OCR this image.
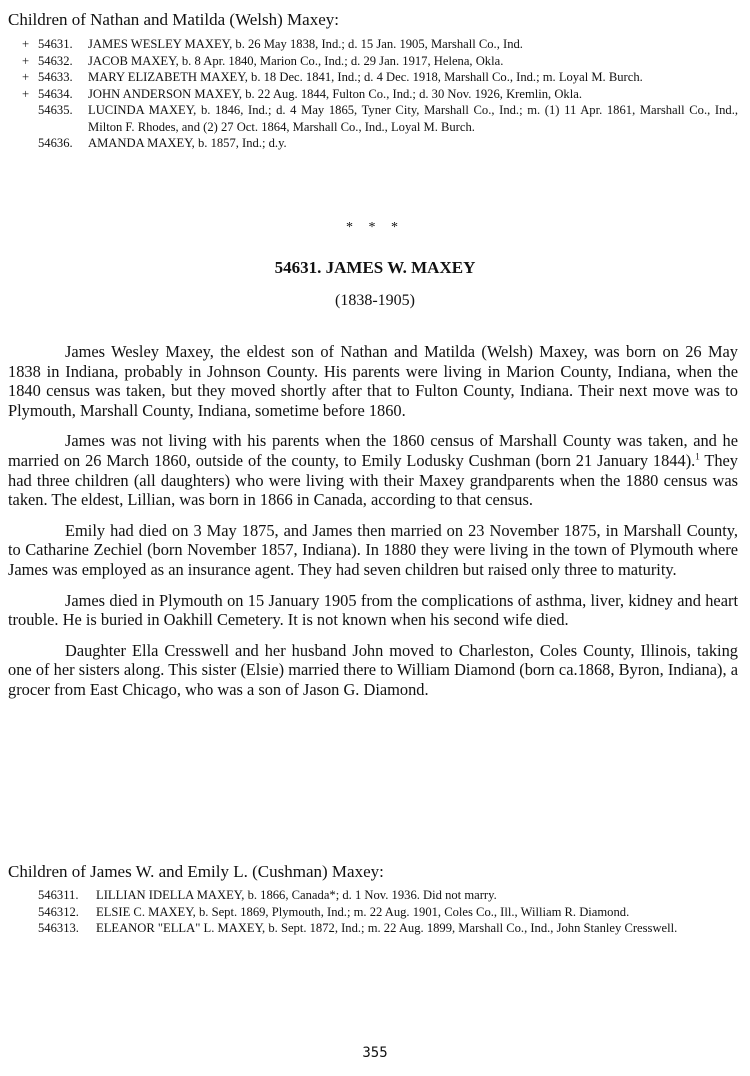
Children of Nathan and Matilda (Welsh) Maxey:
+ 54631. JAMES WESLEY MAXEY, b. 26 May 1838, Ind.; d. 15 Jan. 1905, Marshall Co., Ind.
+ 54632. JACOB MAXEY, b. 8 Apr. 1840, Marion Co., Ind.; d. 29 Jan. 1917, Helena, Okla.
+ 54633. MARY ELIZABETH MAXEY, b. 18 Dec. 1841, Ind.; d. 4 Dec. 1918, Marshall Co., Ind.; m. Loyal M. Burch.
+ 54634. JOHN ANDERSON MAXEY, b. 22 Aug. 1844, Fulton Co., Ind.; d. 30 Nov. 1926, Kremlin, Okla.
54635. LUCINDA MAXEY, b. 1846, Ind.; d. 4 May 1865, Tyner City, Marshall Co., Ind.; m. (1) 11 Apr. 1861, Marshall Co., Ind., Milton F. Rhodes, and (2) 27 Oct. 1864, Marshall Co., Ind., Loyal M. Burch.
54636. AMANDA MAXEY, b. 1857, Ind.; d.y.
* * *
54631. JAMES W. MAXEY
(1838-1905)

James Wesley Maxey, the eldest son of Nathan and Matilda (Welsh) Maxey, was born on 26 May 1838 in Indiana, probably in Johnson County. His parents were living in Marion County, Indiana, when the 1840 census was taken, but they moved shortly after that to Fulton County, Indiana. Their next move was to Plymouth, Marshall County, Indiana, sometime before 1860.

James was not living with his parents when the 1860 census of Marshall County was taken, and he married on 26 March 1860, outside of the county, to Emily Lodusky Cushman (born 21 January 1844).$^1$ They had three children (all daughters) who were living with their Maxey grandparents when the 1880 census was taken. The eldest, Lillian, was born in 1866 in Canada, according to that census.

Emily had died on 3 May 1875, and James then married on 23 November 1875, in Marshall County, to Catharine Zechiel (born November 1857, Indiana). In 1880 they were living in the town of Plymouth where James was employed as an insurance agent. They had seven children but raised only three to maturity.

James died in Plymouth on 15 January 1905 from the complications of asthma, liver, kidney and heart trouble. He is buried in Oakhill Cemetery. It is not known when his second wife died.

Daughter Ella Cresswell and her husband John moved to Charleston, Coles County, Illinois, taking one of her sisters along. This sister (Elsie) married there to William Diamond (born ca.1868, Byron, Indiana), a grocer from East Chicago, who was a son of Jason G. Diamond.

Children of James W. and Emily L. (Cushman) Maxey:
546311. LILLIAN IDELLA MAXEY, b. 1866, Canada*; d. 1 Nov. 1936. Did not marry.
546312. ELSIE C. MAXEY, b. Sept. 1869, Plymouth, Ind.; m. 22 Aug. 1901, Coles Co., Ill., William R. Diamond.
546313. ELEANOR "ELLA" L. MAXEY, b. Sept. 1872, Ind.; m. 22 Aug. 1899, Marshall Co., Ind., John Stanley Cresswell.
355
